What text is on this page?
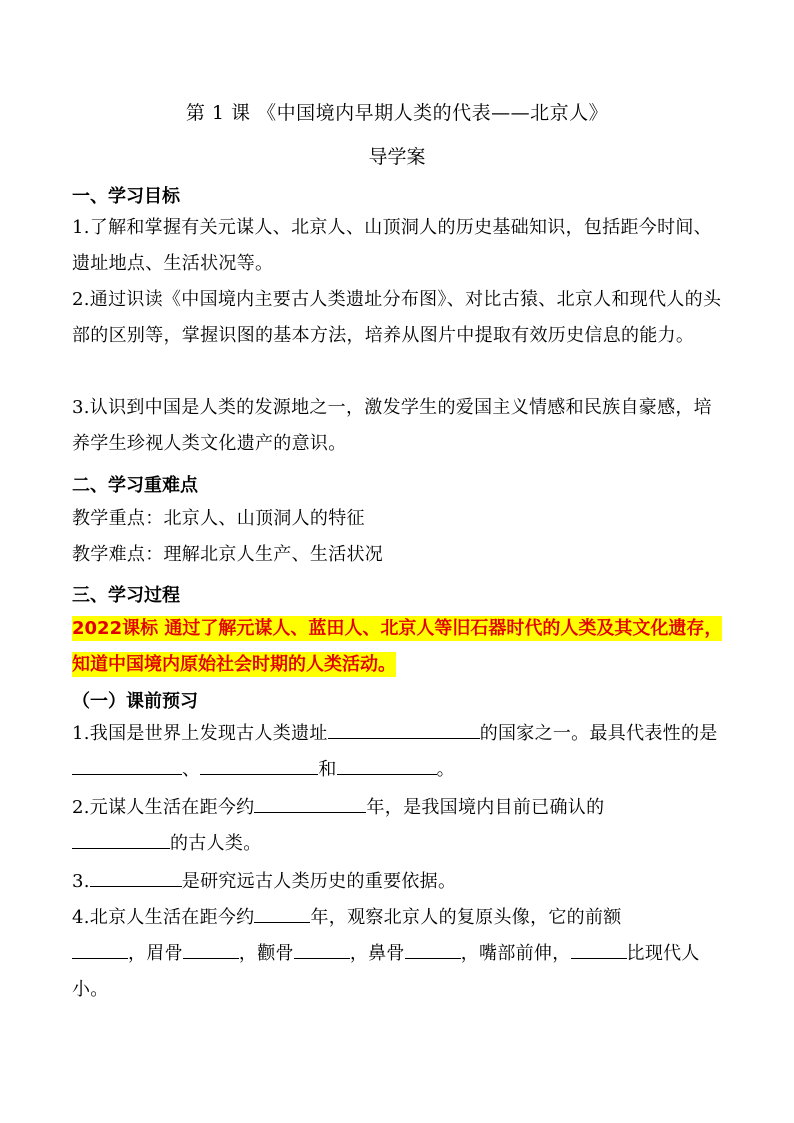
第 1 课 《中国境内早期人类的代表——北京人》
导学案
一、学习目标
1.了解和掌握有关元谋人、北京人、山顶洞人的历史基础知识，包括距今时间、遗址地点、生活状况等。
2.通过识读《中国境内主要古人类遗址分布图》、对比古猿、北京人和现代人的头部的区别等，掌握识图的基本方法，培养从图片中提取有效历史信息的能力。
3.认识到中国是人类的发源地之一，激发学生的爱国主义情感和民族自豪感，培养学生珍视人类文化遗产的意识。
二、学习重难点
教学重点：北京人、山顶洞人的特征
教学难点：理解北京人生产、生活状况
三、学习过程
2022课标 通过了解元谋人、蓝田人、北京人等旧石器时代的人类及其文化遗存，知道中国境内原始社会时期的人类活动。
（一）课前预习
1.我国是世界上发现古人类遗址	的国家之一。最具代表性的是、	和	。
2.元谋人生活在距今约	年，是我国境内目前已确认的
的古人类。
3.	是研究远古人类历史的重要依据。
4.北京人生活在距今约	年，观察北京人的复原头像，它的前额
，眉骨	，颧骨	，鼻骨	，嘴部前伸，	比现代人小。
